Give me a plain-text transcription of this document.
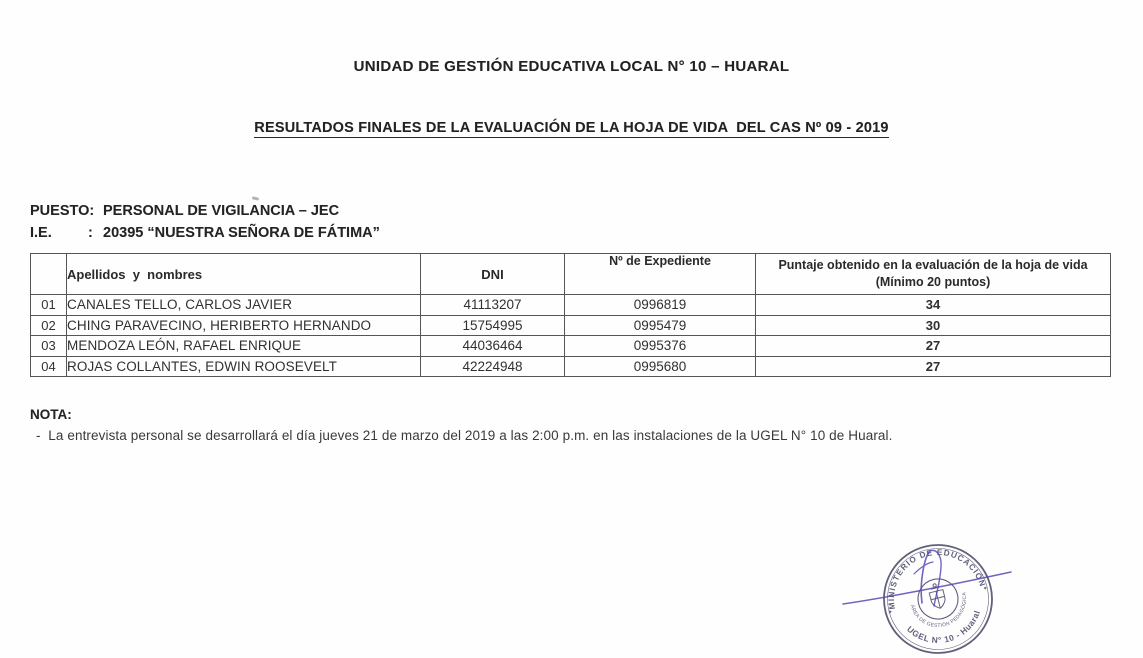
UNIDAD DE GESTIÓN EDUCATIVA LOCAL N° 10 – HUARAL
RESULTADOS FINALES DE LA EVALUACIÓN DE LA HOJA DE VIDA  DEL CAS Nº 09 - 2019
PUESTO: PERSONAL DE VIGILANCIA – JEC
I.E. : 20395 “NUESTRA SEÑORA DE FÁTIMA”
	Apellidos  y  nombres	DNI	Nº de Expediente	Puntaje obtenido en la evaluación de la hoja de vida
(Mínimo 20 puntos)

01	CANALES TELLO, CARLOS JAVIER	41113207	0996819	34
02	CHING PARAVECINO, HERIBERTO HERNANDO	15754995	0995479	30
03	MENDOZA LEÓN, RAFAEL ENRIQUE	44036464	0995376	27
04	ROJAS COLLANTES, EDWIN ROOSEVELT	42224948	0995680	27
NOTA:
-  La entrevista personal se desarrollará el día jueves 21 de marzo del 2019 a las 2:00 p.m. en las instalaciones de la UGEL N° 10 de Huaral.
MINISTERIO DE EDUCACIÓN
UGEL N° 10 - Huaral
ÁREA DE GESTIÓN PEDAGÓGICA
✦
✦
